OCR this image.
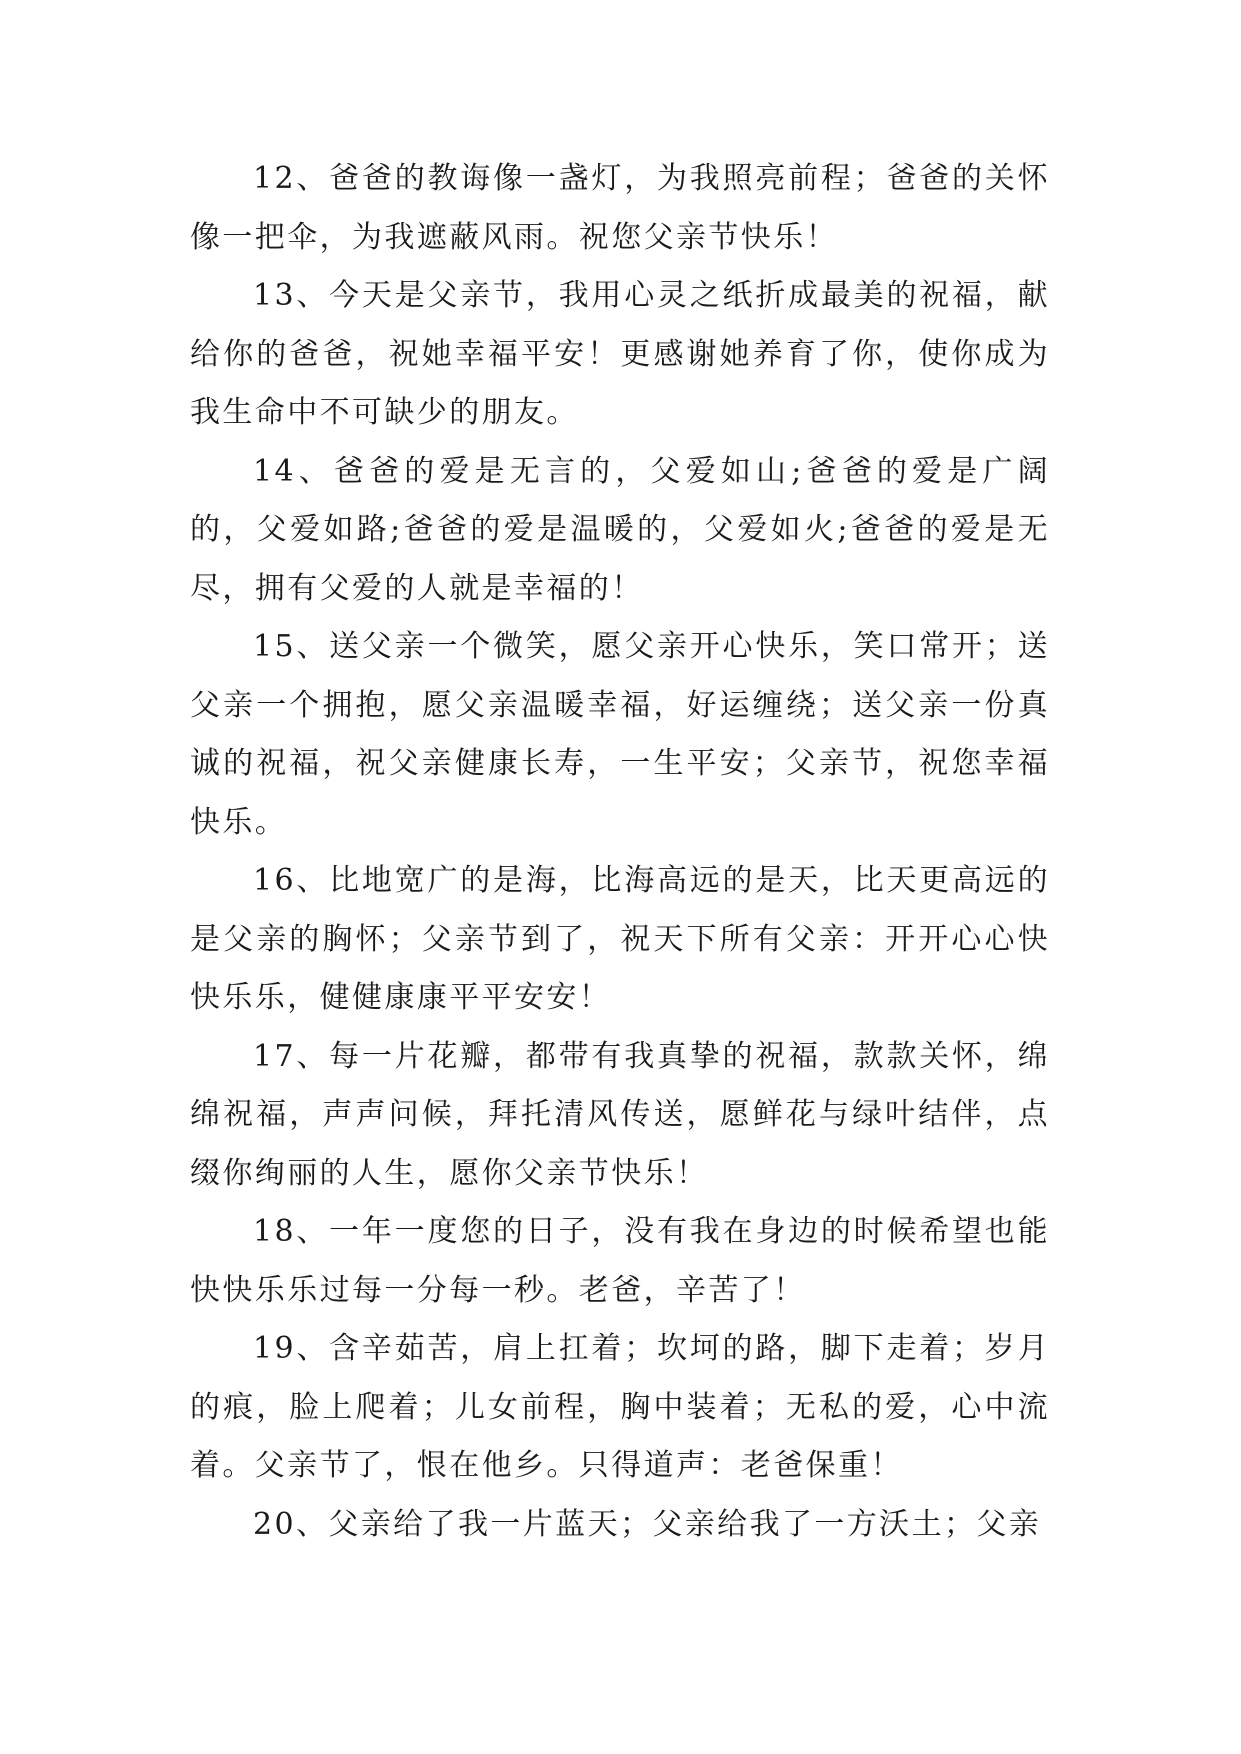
12、爸爸的教诲像一盏灯，为我照亮前程；爸爸的关怀像一把伞，为我遮蔽风雨。祝您父亲节快乐！

13、今天是父亲节，我用心灵之纸折成最美的祝福，献给你的爸爸，祝她幸福平安！更感谢她养育了你，使你成为我生命中不可缺少的朋友。

14、爸爸的爱是无言的，父爱如山;爸爸的爱是广阔的，父爱如路;爸爸的爱是温暖的，父爱如火;爸爸的爱是无尽，拥有父爱的人就是幸福的！

15、送父亲一个微笑，愿父亲开心快乐，笑口常开；送父亲一个拥抱，愿父亲温暖幸福，好运缠绕；送父亲一份真诚的祝福，祝父亲健康长寿，一生平安；父亲节，祝您幸福快乐。

16、比地宽广的是海，比海高远的是天，比天更高远的是父亲的胸怀；父亲节到了，祝天下所有父亲：开开心心快快乐乐，健健康康平平安安！

17、每一片花瓣，都带有我真挚的祝福，款款关怀，绵绵祝福，声声问候，拜托清风传送，愿鲜花与绿叶结伴，点缀你绚丽的人生，愿你父亲节快乐！

18、一年一度您的日子，没有我在身边的时候希望也能快快乐乐过每一分每一秒。老爸，辛苦了！

19、含辛茹苦，肩上扛着；坎坷的路，脚下走着；岁月的痕，脸上爬着；儿女前程，胸中装着；无私的爱，心中流着。父亲节了，恨在他乡。只得道声：老爸保重！

20、父亲给了我一片蓝天；父亲给我了一方沃土；父亲
